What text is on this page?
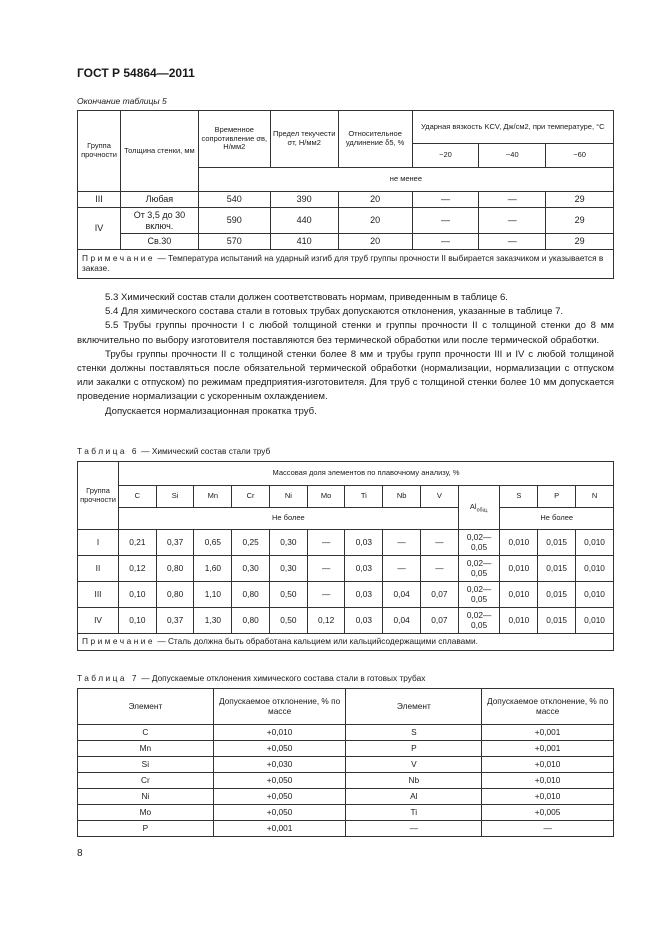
ГОСТ Р 54864—2011
Окончание таблицы 5
Группа прочности	Толщина стенки, мм	Временное сопротивление σв, Н/мм2	Предел текучести σт, Н/мм2	Относительное удлинение δ5, %	Ударная вязкость KCV, Дж/см2, при температуре, °С		
					−20	−40	−60
		не менее					
III	Любая	540	390	20	—	—	29
IV	От 3,5 до 30 включ.	590	440	20	—	—	29
	Св.30	570	410	20	—	—	29
Примечание — Температура испытаний на ударный изгиб для труб группы прочности II выбирается заказчиком и указывается в заказе.							

5.3 Химический состав стали должен соответствовать нормам, приведенным в таблице 6.

5.4 Для химического состава стали в готовых трубах допускаются отклонения, указанные в таблице 7.

5.5 Трубы группы прочности I с любой толщиной стенки и группы прочности II с толщиной стенки до 8 мм включительно по выбору изготовителя поставляются без термической обработки или после термической обработки.

Трубы группы прочности II с толщиной стенки более 8 мм и трубы групп прочности III и IV с любой толщиной стенки должны поставляться после обязательной термической обработки (нормализации, нормализации с отпуском или закалки с отпуском) по режимам предприятия-изготовителя. Для труб с толщиной стенки более 10 мм допускается проведение нормализации с ускоренным охлаждением.

Допускается нормализационная прокатка труб.

Таблица 6 — Химический состав стали труб
Группа прочности	Массовая доля элементов по плавочному анализу, %												
	C	Si	Mn	Cr	Ni	Mo	Ti	Nb	V	$Al_{общ.}$	S	P	N
	Не более										Не более		
I	0,21	0,37	0,65	0,25	0,30	—	0,03	—	—	0,02—0,05	0,010	0,015	0,010
II	0,12	0,80	1,60	0,30	0,30	—	0,03	—	—	0,02—0,05	0,010	0,015	0,010
III	0,10	0,80	1,10	0,80	0,50	—	0,03	0,04	0,07	0,02—0,05	0,010	0,015	0,010
IV	0,10	0,37	1,30	0,80	0,50	0,12	0,03	0,04	0,07	0,02—0,05	0,010	0,015	0,010
Примечание — Сталь должна быть обработана кальцием или кальцийсодержащими сплавами.													
Таблица 7 — Допускаемые отклонения химического состава стали в готовых трубах
Элемент	Допускаемое отклонение, % по массе	Элемент	Допускаемое отклонение, % по массе
C	+0,010	S	+0,001
Mn	+0,050	P	+0,001
Si	+0,030	V	+0,010
Cr	+0,050	Nb	+0,010
Ni	+0,050	Al	+0,010
Mo	+0,050	Ti	+0,005
P	+0,001	—	—
8
